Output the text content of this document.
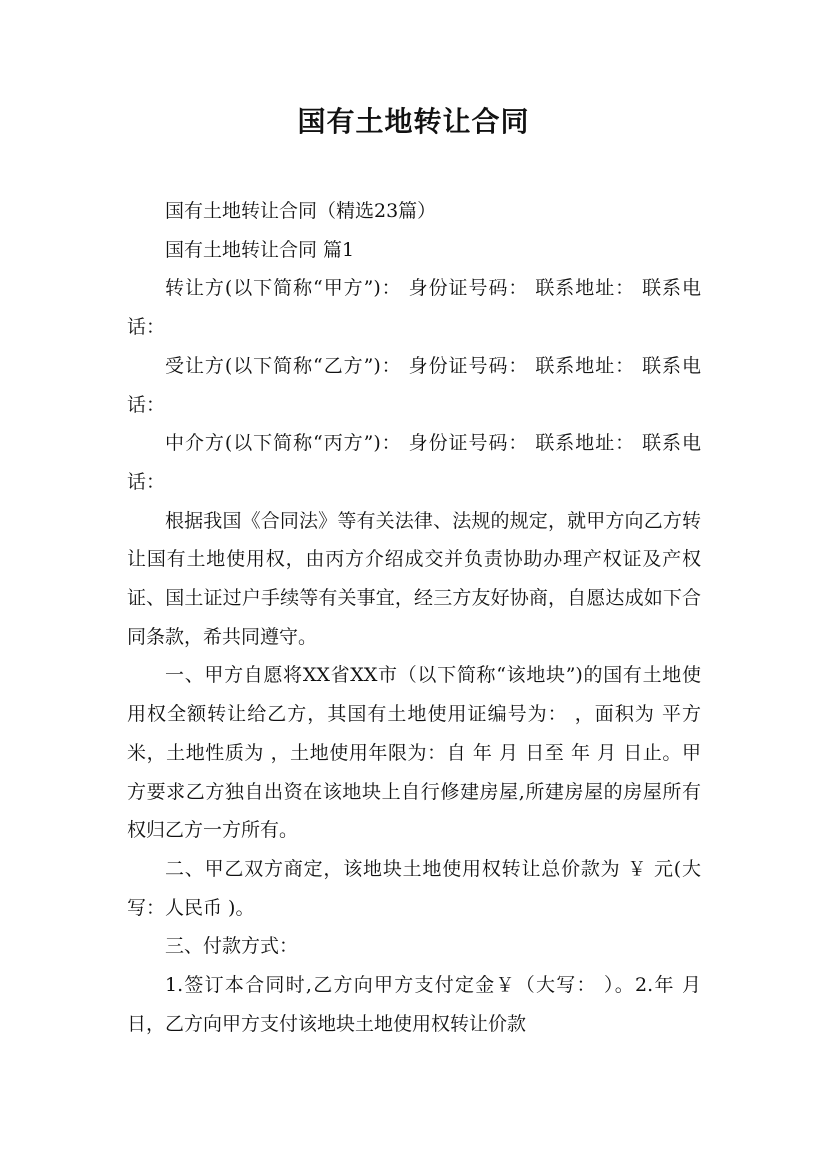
国有土地转让合同

国有土地转让合同（精选23篇）

国有土地转让合同 篇1

转让方(以下简称“甲方”)： 身份证号码： 联系地址： 联系电话：

受让方(以下简称“乙方”)： 身份证号码： 联系地址： 联系电话：

中介方(以下简称“丙方”)： 身份证号码： 联系地址： 联系电话：

根据我国《合同法》等有关法律、法规的规定，就甲方向乙方转让国有土地使用权，由丙方介绍成交并负责协助办理产权证及产权证、国土证过户手续等有关事宜，经三方友好协商，自愿达成如下合同条款，希共同遵守。

一、甲方自愿将XX省XX市（以下简称“该地块”)的国有土地使用权全额转让给乙方，其国有土地使用证编号为： ，面积为 平方米，土地性质为 ，土地使用年限为：自 年 月 日至 年 月 日止。甲方要求乙方独自出资在该地块上自行修建房屋,所建房屋的房屋所有权归乙方一方所有。

二、甲乙双方商定，该地块土地使用权转让总价款为 ￥ 元(大写：人民币 )。

三、付款方式：

1.签订本合同时,乙方向甲方支付定金￥（大写： ）。2.年 月 日，乙方向甲方支付该地块土地使用权转让价款
